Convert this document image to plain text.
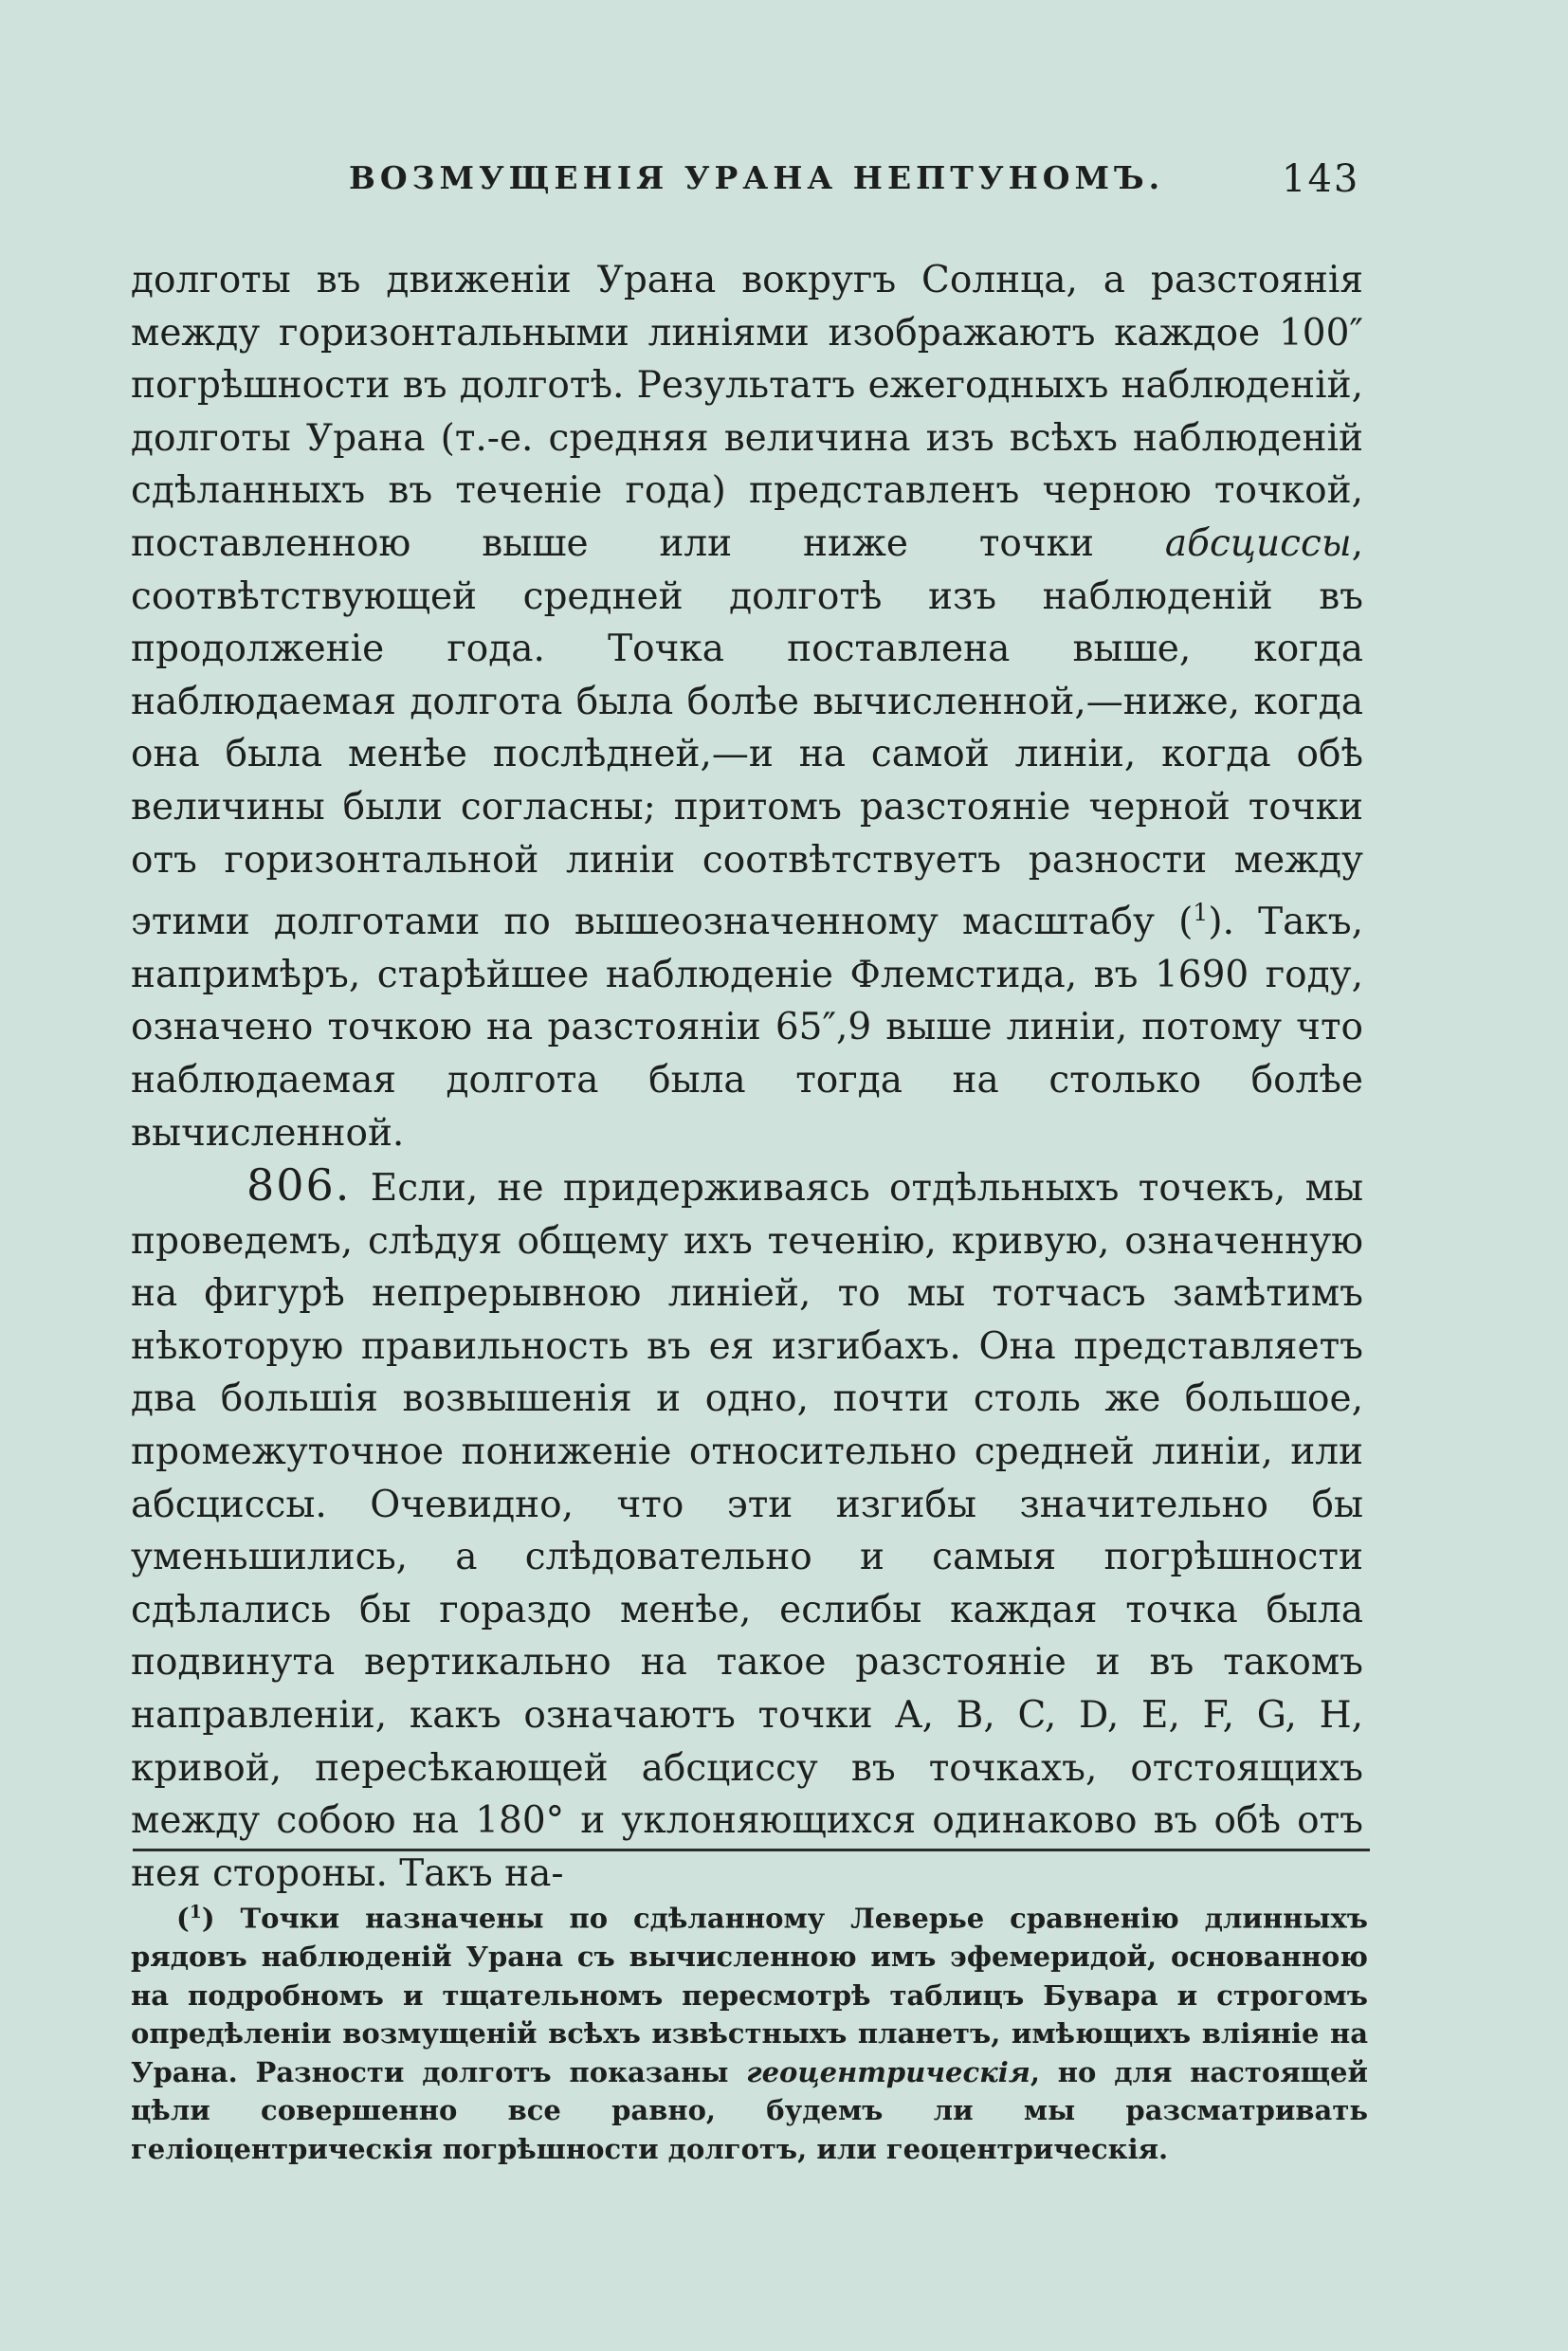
ВОЗМУЩЕНІЯ УРАНА НЕПТУНОМЪ.	143

долготы въ движеніи Урана вокругъ Солнца, а разстоянія между горизонтальными линіями изображаютъ каждое 100″ погрѣшности въ долготѣ. Результатъ ежегодныхъ наблюденій, долготы Урана (т.-е. средняя величина изъ всѣхъ наблюденій сдѣланныхъ въ теченіе года) представленъ черною точкой, поставленною выше или ниже точки абсциссы, соотвѣтствующей средней долготѣ изъ наблюденій въ продолженіе года. Точка поставлена выше, когда наблюдаемая долгота была болѣе вычисленной,—ниже, когда она была менѣе послѣдней,—и на самой линіи, когда обѣ величины были согласны; притомъ разстояніе черной точки отъ горизонтальной линіи соотвѣтствуетъ разности между этими долготами по вышеозначенному масштабу ($^1$). Такъ, напримѣръ, старѣйшее наблюденіе Флемстида, въ 1690 году, означено точкою на разстояніи 65″,9 выше линіи, потому что наблюдаемая долгота была тогда на столько болѣе вычисленной.

806. Если, не придерживаясь отдѣльныхъ точекъ, мы проведемъ, слѣдуя общему ихъ теченію, кривую, означенную на фигурѣ непрерывною линіей, то мы тотчасъ замѣтимъ нѣкоторую правильность въ ея изгибахъ. Она представляетъ два большія возвышенія и одно, почти столь же большое, промежуточное пониженіе относительно средней линіи, или абсциссы. Очевидно, что эти изгибы значительно бы уменьшились, а слѣдовательно и самыя погрѣшности сдѣлались бы гораздо менѣе, еслибы каждая точка была подвинута вертикально на такое разстояніе и въ такомъ направленіи, какъ означаютъ точки A, B, C, D, E, F, G, H, кривой, пересѣкающей абсциссу въ точкахъ, отстоящихъ между собою на 180° и уклоняющихся одинаково въ обѣ отъ нея стороны. Такъ на-

($^1$) Точки назначены по сдѣланному Леверье сравненію длинныхъ рядовъ наблюденій Урана съ вычисленною имъ эфемеридой, основанною на подробномъ и тщательномъ пересмотрѣ таблицъ Бувара и строгомъ опредѣленіи возмущеній всѣхъ извѣстныхъ планетъ, имѣющихъ вліяніе на Урана. Разности долготъ показаны геоцентрическія, но для настоящей цѣли совершенно все равно, будемъ ли мы разсматривать геліоцентрическія погрѣшности долготъ, или геоцентрическія.
